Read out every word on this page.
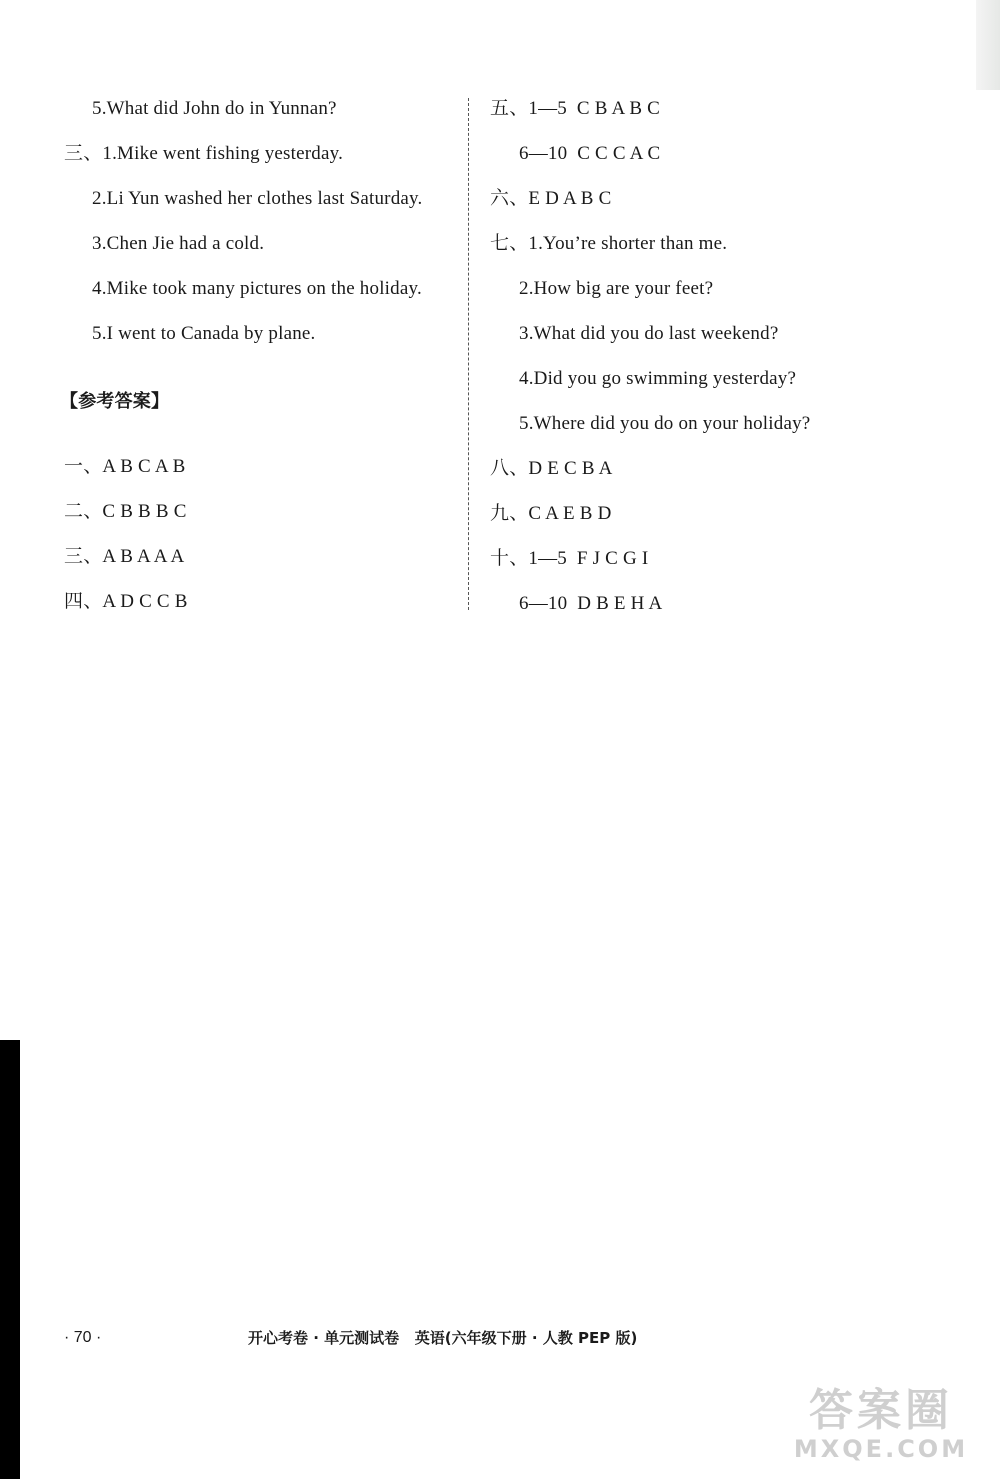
5.What did John do in Yunnan?
三、1.Mike went fishing yesterday.
2.Li Yun washed her clothes last Saturday.
3.Chen Jie had a cold.
4.Mike took many pictures on the holiday.
5.I went to Canada by plane.
【参考答案】
一、A B C A B
二、C B B B C
三、A B A A A
四、A D C C B
五、1—5  C B A B C
6—10  C C C A C
六、E D A B C
七、1.You’re shorter than me.
2.How big are your feet?
3.What did you do last weekend?
4.Did you go swimming yesterday?
5.Where did you do on your holiday?
八、D E C B A
九、C A E B D
十、1—5  F J C G I
6—10  D B E H A
· 70 ·	开心考卷 · 单元测试卷   英语(六年级下册 · 人教 PEP 版)
答案圈
MXQE.COM
